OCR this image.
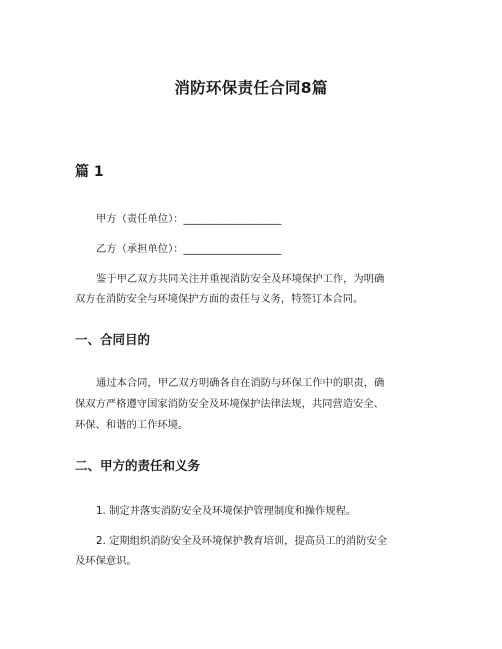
消防环保责任合同8篇
篇 1
甲方（责任单位）：___________________
乙方（承担单位）：___________________
鉴于甲乙双方共同关注并重视消防安全及环境保护工作，为明确
双方在消防安全与环境保护方面的责任与义务，特签订本合同。
一、合同目的
通过本合同，甲乙双方明确各自在消防与环保工作中的职责，确
保双方严格遵守国家消防安全及环境保护法律法规，共同营造安全、
环保、和谐的工作环境。
二、甲方的责任和义务
1. 制定并落实消防安全及环境保护管理制度和操作规程。
2. 定期组织消防安全及环境保护教育培训，提高员工的消防安全
及环保意识。
